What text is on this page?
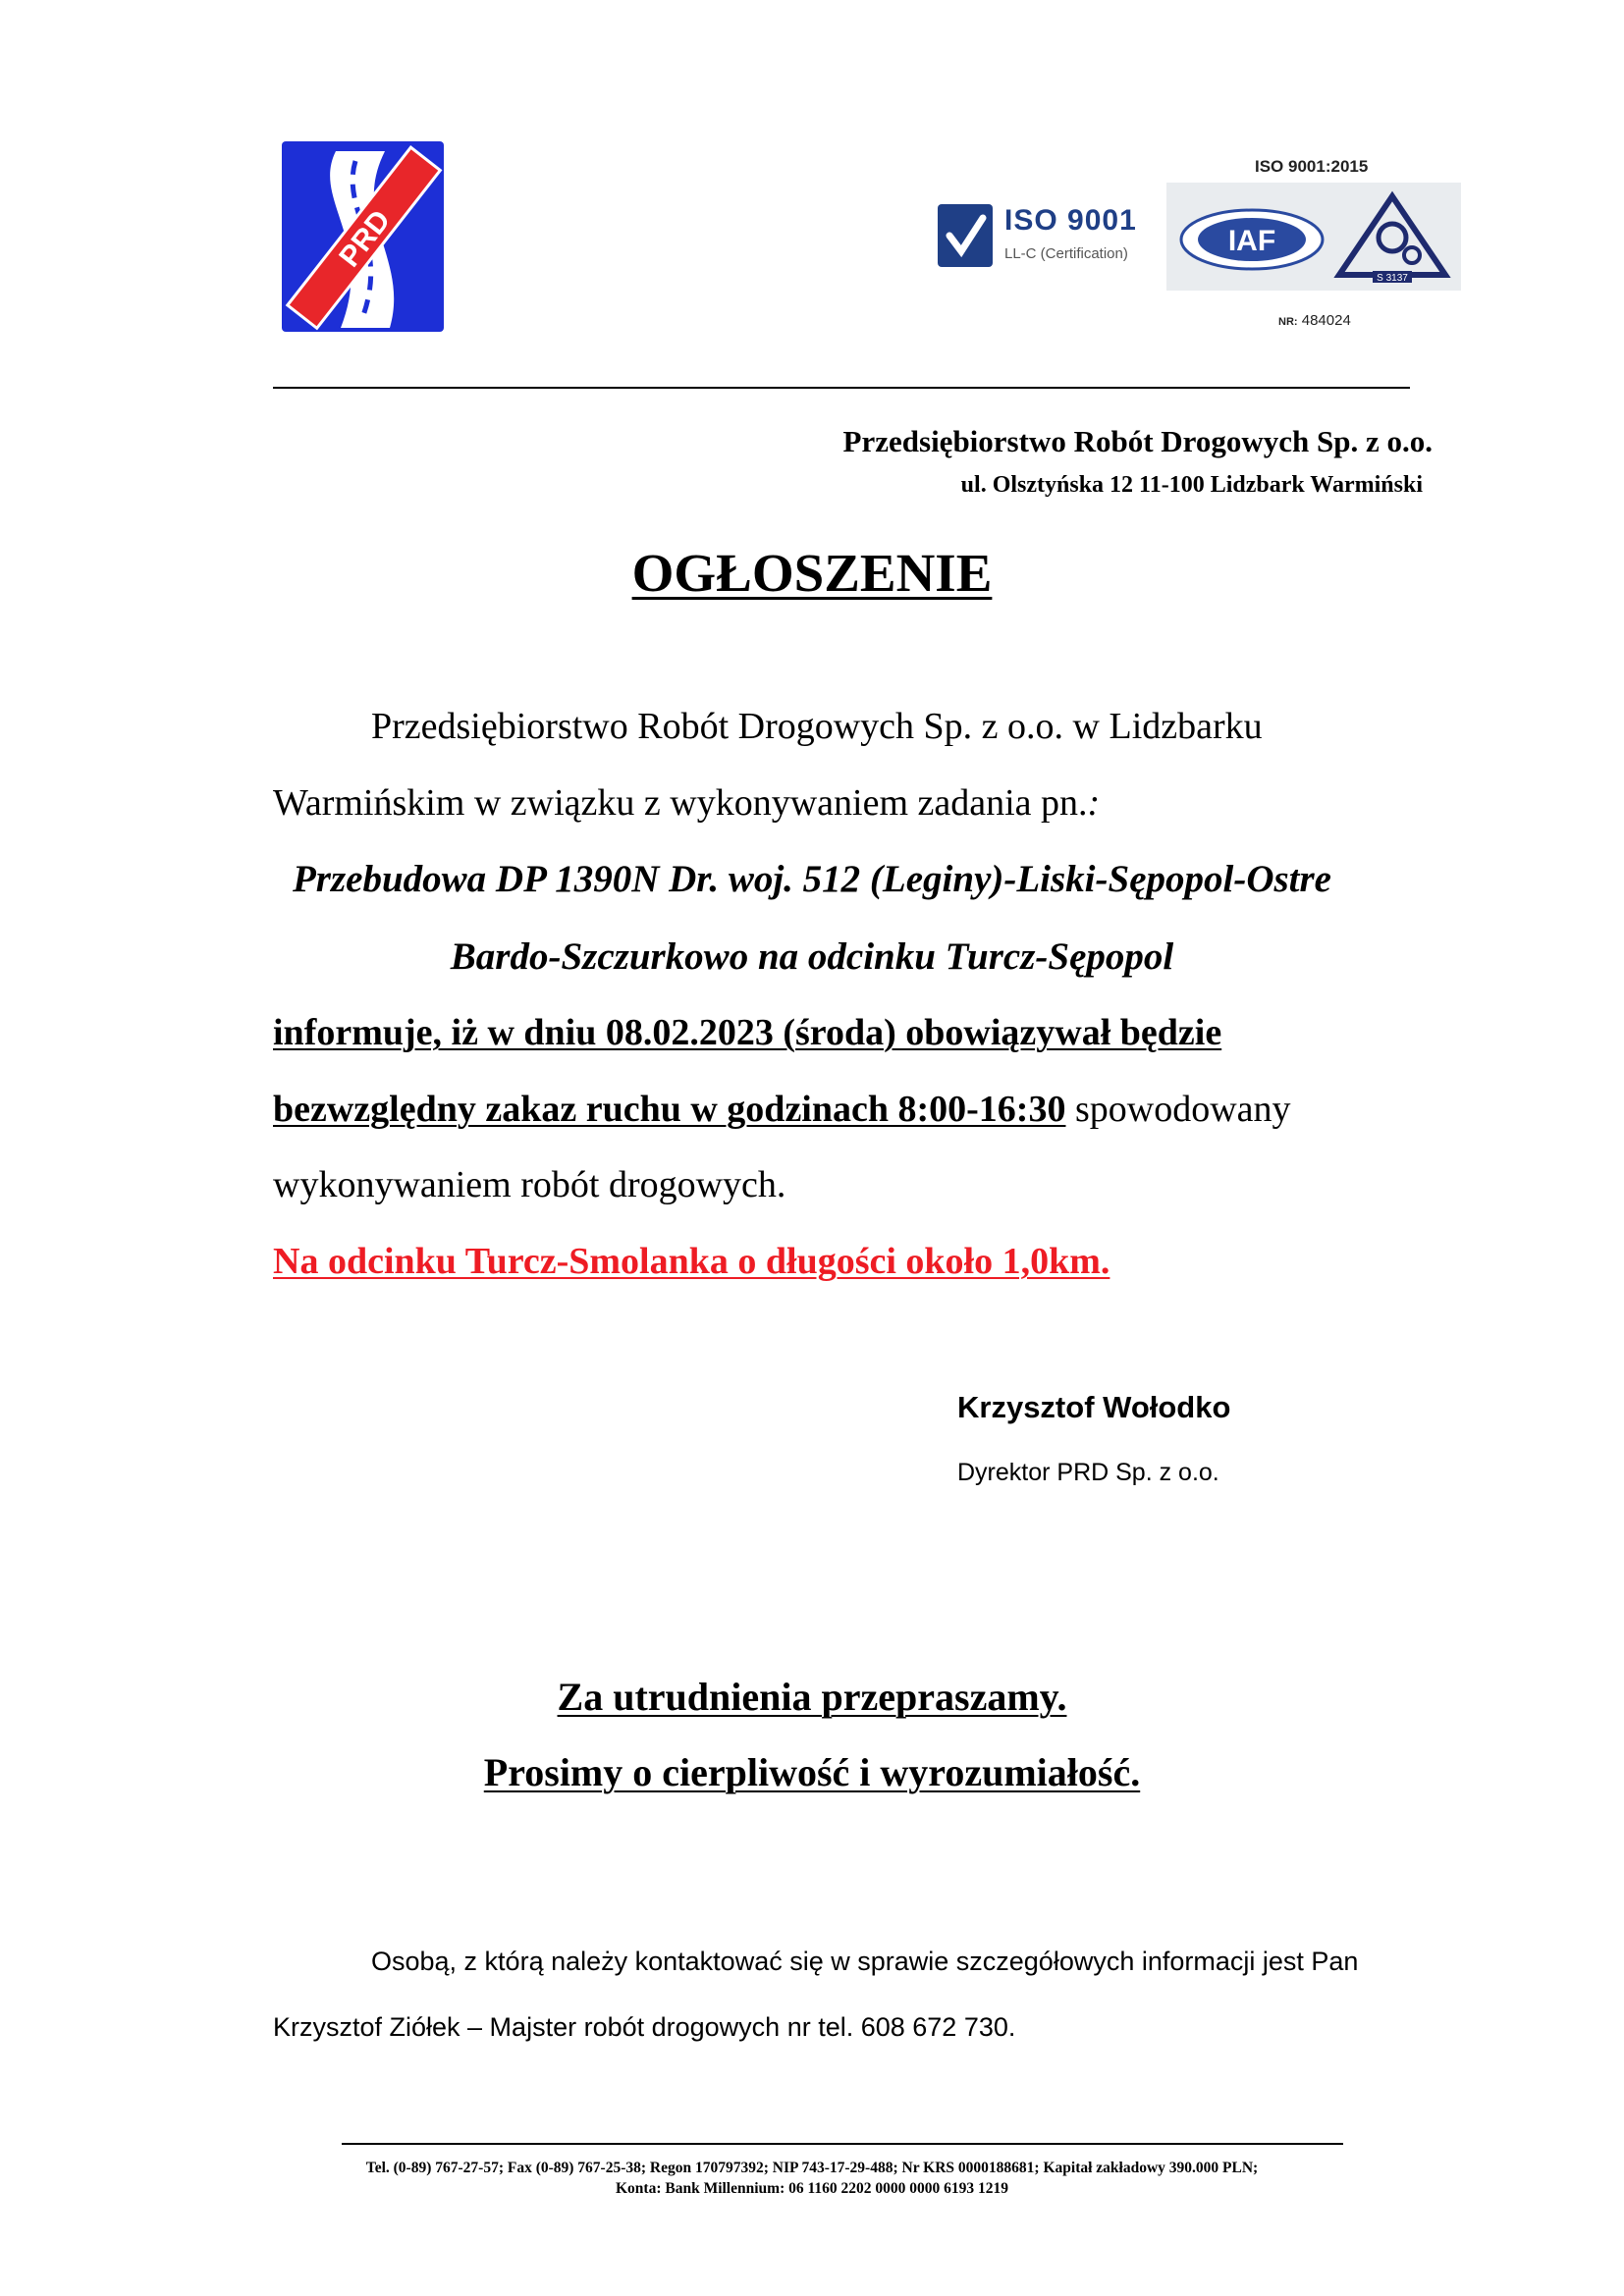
PRD	ISO 9001
LL-C (Certification)
ISO 9001:2015
IAF
S 3137
NR: 484024
Przedsiębiorstwo Robót Drogowych Sp. z o.o.
ul. Olsztyńska 12 11-100 Lidzbark Warmiński
OGŁOSZENIE
Przedsiębiorstwo Robót Drogowych Sp. z o.o. w Lidzbarku
Warmińskim w związku z wykonywaniem zadania pn.:
Przebudowa DP 1390N Dr. woj. 512 (Leginy)-Liski-Sępopol-Ostre
Bardo-Szczurkowo na odcinku Turcz-Sępopol
informuje, iż w dniu 08.02.2023 (środa) obowiązywał będzie
bezwzględny zakaz ruchu w godzinach 8:00-16:30 spowodowany
wykonywaniem robót drogowych.
Na odcinku Turcz-Smolanka o długości około 1,0km.
Krzysztof Wołodko
Dyrektor PRD Sp. z o.o.
Za utrudnienia przepraszamy.
Prosimy o cierpliwość i wyrozumiałość.
Osobą, z którą należy kontaktować się w sprawie szczegółowych informacji jest Pan
Krzysztof Ziółek – Majster robót drogowych nr tel. 608 672 730.
Tel. (0-89) 767-27-57; Fax (0-89) 767-25-38; Regon 170797392; NIP 743-17-29-488; Nr KRS 0000188681; Kapitał zakładowy 390.000 PLN;
Konta: Bank Millennium: 06 1160 2202 0000 0000 6193 1219
